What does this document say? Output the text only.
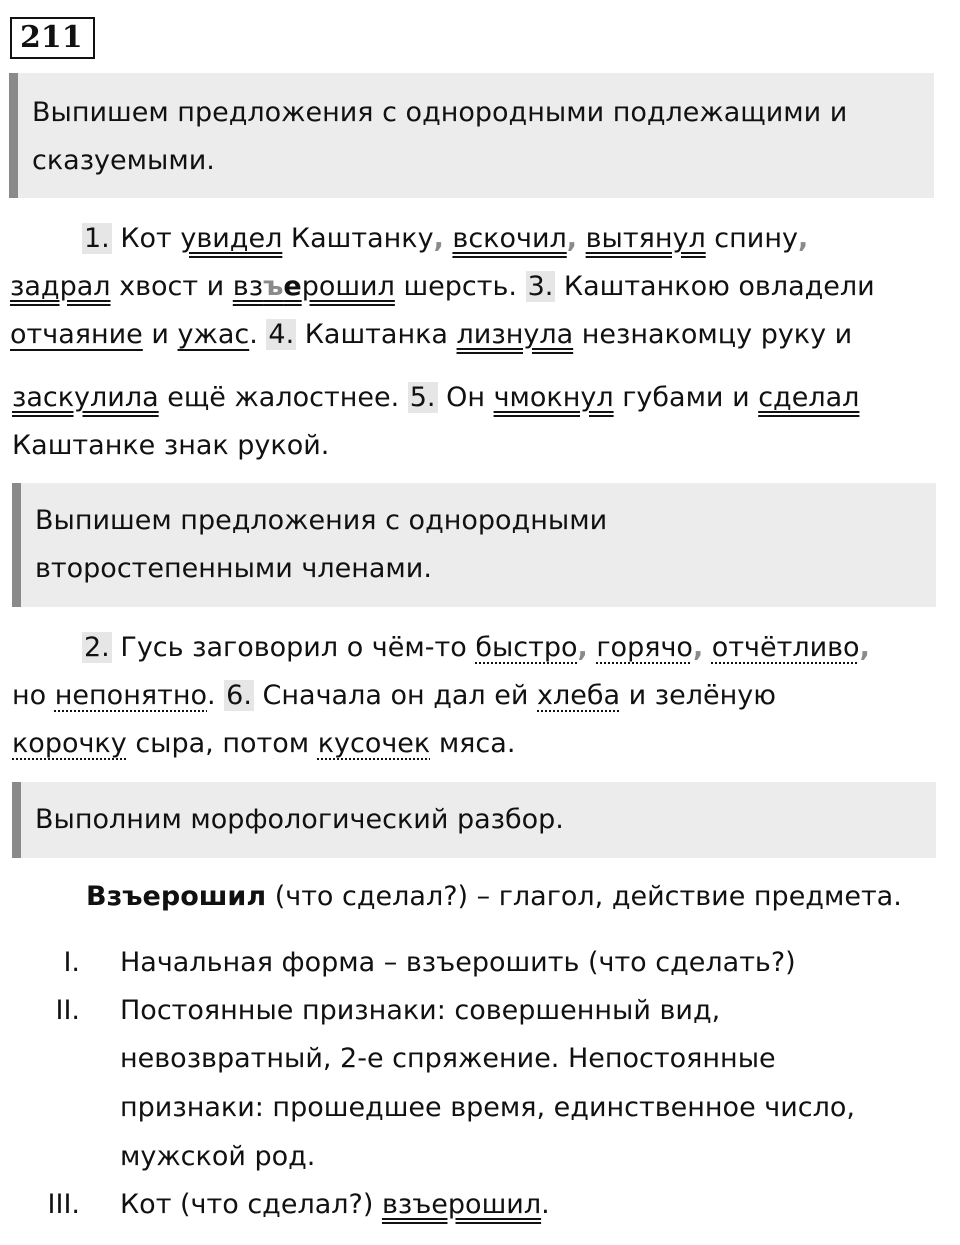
211
Выпишем предложения с однородными подлежащими и
сказуемыми.
1. Кот увидел Каштанку, вскочил, вытянул спину,
задрал хвост и взъерошил шерсть. 3. Каштанкою овладели
отчаяние и ужас. 4. Каштанка лизнула незнакомцу руку и
заскулила ещё жалостнее. 5. Он чмокнул губами и сделал
Каштанке знак рукой.
Выпишем предложения с однородными
второстепенными членами.
2. Гусь заговорил о чём-то быстро, горячо, отчётливо,
но непонятно. 6. Сначала он дал ей хлеба и зелёную
корочку сыра, потом кусочек мяса.
Выполним морфологический разбор.
Взъерошил (что сделал?) – глагол, действие предмета.
I. Начальная форма – взъерошить (что сделать?)
II. Постоянные признаки: совершенный вид,
невозвратный, 2-е спряжение. Непостоянные
признаки: прошедшее время, единственное число,
мужской род.
III. Кот (что сделал?) взъерошил.
